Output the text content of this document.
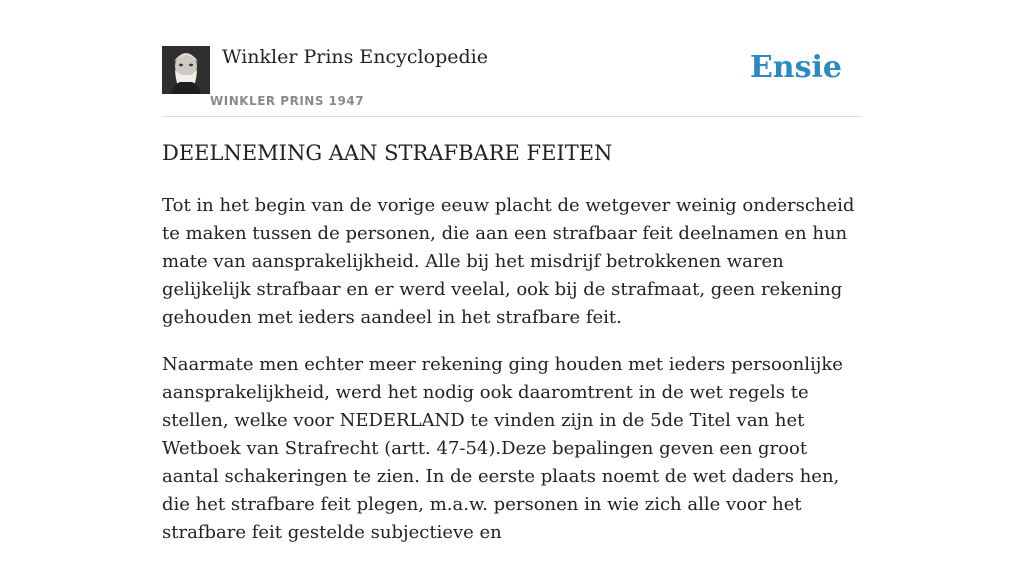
Winkler Prins Encyclopedie
WINKLER PRINS 1947
Ensie
DEELNEMING AAN STRAFBARE FEITEN

Tot in het begin van de vorige eeuw placht de wetgever weinig onderscheid te maken tussen de personen, die aan een strafbaar feit deelnamen en hun mate van aansprakelijkheid. Alle bij het misdrijf betrokkenen waren gelijkelijk strafbaar en er werd veelal, ook bij de strafmaat, geen rekening gehouden met ieders aandeel in het strafbare feit.

Naarmate men echter meer rekening ging houden met ieders persoonlijke aansprakelijkheid, werd het nodig ook daaromtrent in de wet regels te stellen, welke voor NEDERLAND te vinden zijn in de 5de Titel van het Wetboek van Strafrecht (artt. 47-54).Deze bepalingen geven een groot aantal schakeringen te zien. In de eerste plaats noemt de wet daders hen, die het strafbare feit plegen, m.a.w. personen in wie zich alle voor het strafbare feit gestelde subjectieve en
